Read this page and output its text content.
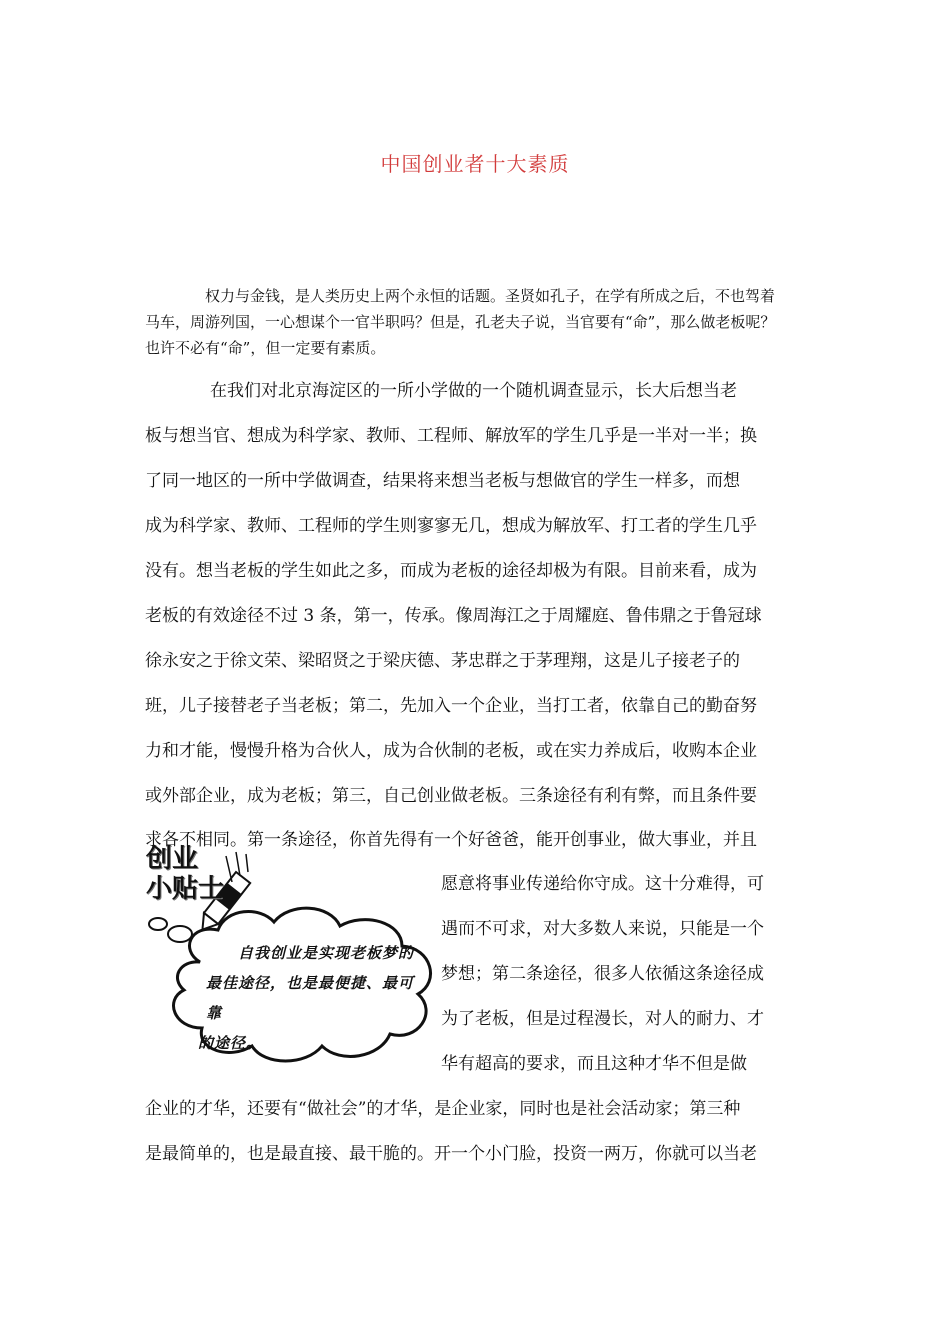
中国创业者十大素质
权力与金钱，是人类历史上两个永恒的话题。圣贤如孔子，在学有所成之后，不也驾着
马车，周游列国，一心想谋个一官半职吗？但是，孔老夫子说，当官要有“命”，那么做老板呢？
也许不必有“命”，但一定要有素质。
在我们对北京海淀区的一所小学做的一个随机调查显示，长大后想当老
板与想当官、想成为科学家、教师、工程师、解放军的学生几乎是一半对一半；换
了同一地区的一所中学做调查，结果将来想当老板与想做官的学生一样多，而想
成为科学家、教师、工程师的学生则寥寥无几，想成为解放军、打工者的学生几乎
没有。想当老板的学生如此之多，而成为老板的途径却极为有限。目前来看，成为
老板的有效途径不过 3 条，第一，传承。像周海江之于周耀庭、鲁伟鼎之于鲁冠球
徐永安之于徐文荣、梁昭贤之于梁庆德、茅忠群之于茅理翔，这是儿子接老子的
班，儿子接替老子当老板；第二，先加入一个企业，当打工者，依靠自己的勤奋努
力和才能，慢慢升格为合伙人，成为合伙制的老板，或在实力养成后，收购本企业
或外部企业，成为老板；第三，自己创业做老板。三条途径有利有弊，而且条件要
求各不相同。第一条途径，你首先得有一个好爸爸，能开创事业，做大事业，并且
愿意将事业传递给你守成。这十分难得，可
遇而不可求，对大多数人来说，只能是一个
梦想；第二条途径，很多人依循这条途径成
为了老板，但是过程漫长，对人的耐力、才
华有超高的要求，而且这种才华不但是做
企业的才华，还要有“做社会”的才华，是企业家，同时也是社会活动家；第三种
是最简单的，也是最直接、最干脆的。开一个小门脸，投资一两万，你就可以当老
创业
小贴士
自我创业是实现老板梦的
最佳途径，也是最便捷、最可靠
的途径。
